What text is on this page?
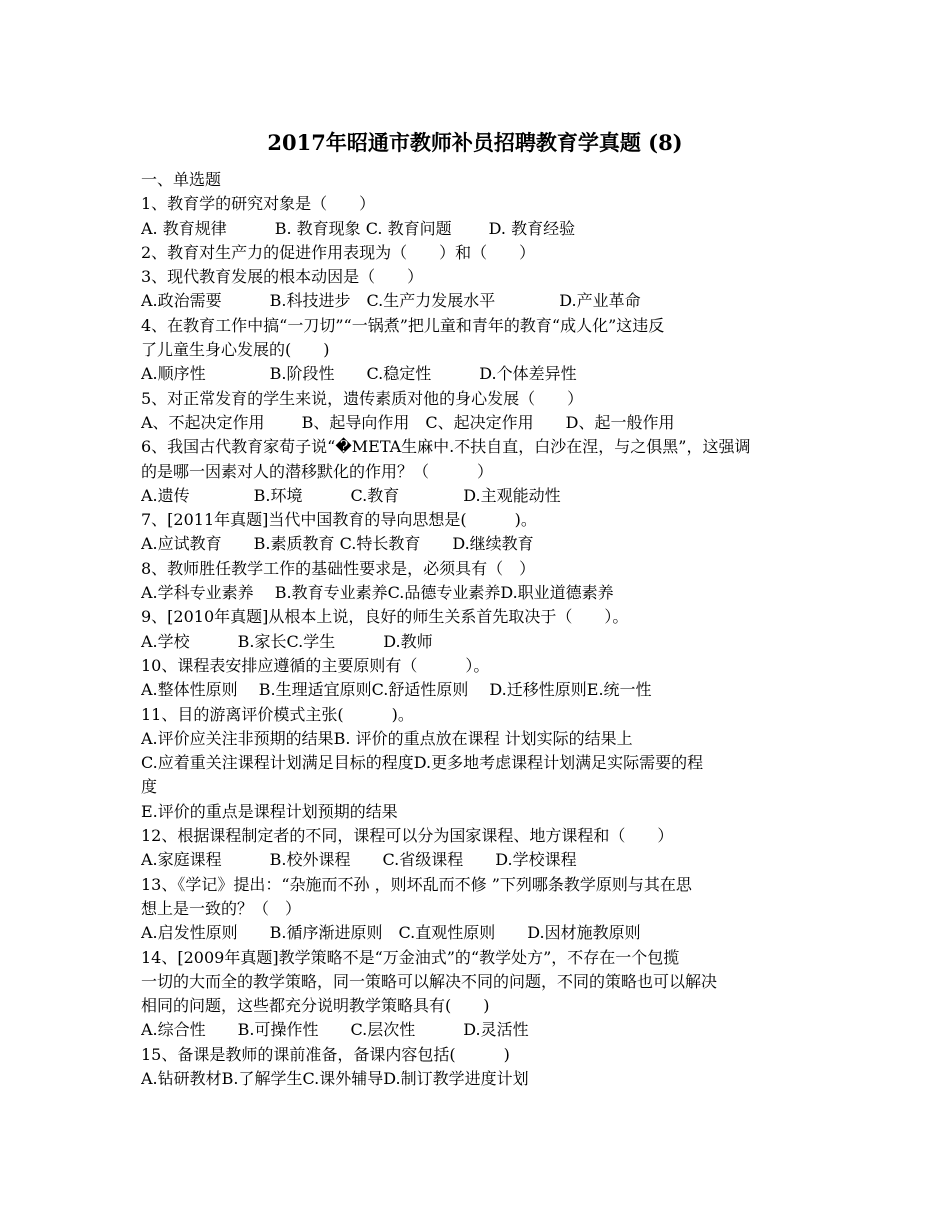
2017年昭通市教师补员招聘教育学真题 (8)
一、单选题
1、教育学的研究对象是（　　）
A. 教育规律　　　B. 教育现象 C. 教育问题　　 D. 教育经验
2、教育对生产力的促进作用表现为（　　）和（　　）
3、现代教育发展的根本动因是（　　）
A.政治需要　　　B.科技进步　C.生产力发展水平　　　　D.产业革命
4、在教育工作中搞“一刀切”“一锅煮”把儿童和青年的教育“成人化”这违反
了儿童生身心发展的(　　)
A.顺序性　　　　B.阶段性　　C.稳定性　　　D.个体差异性
5、对正常发育的学生来说，遗传素质对他的身心发展（　　）
A、不起决定作用　　 B、起导向作用　C、起决定作用　　D、起一般作用
6、我国古代教育家荀子说“�META生麻中.不扶自直，白沙在涅，与之俱黑”，这强调
的是哪一因素对人的潜移默化的作用？（　　　）
A.遗传　　　　B.环境　　　C.教育　　　　D.主观能动性
7、[2011年真题]当代中国教育的导向思想是(　　　)。
A.应试教育　　B.素质教育 C.特长教育　　D.继续教育
8、教师胜任教学工作的基础性要求是，必须具有（　）
A.学科专业素养　 B.教育专业素养C.品德专业素养D.职业道德素养
9、[2010年真题]从根本上说，良好的师生关系首先取决于（　　）。
A.学校　　　B.家长C.学生　　　D.教师
10、课程表安排应遵循的主要原则有（　　　）。
A.整体性原则　 B.生理适宜原则C.舒适性原则　 D.迁移性原则E.统一性
11、目的游离评价模式主张(　　　)。
A.评价应关注非预期的结果B. 评价的重点放在课程 计划实际的结果上
C.应着重关注课程计划满足目标的程度D.更多地考虑课程计划满足实际需要的程
度
E.评价的重点是课程计划预期的结果
12、根据课程制定者的不同，课程可以分为国家课程、地方课程和（　　）
A.家庭课程　　　B.校外课程　　C.省级课程　　D.学校课程
13、《学记》提出：“杂施而不孙 ，则坏乱而不修 ”下列哪条教学原则与其在思
想上是一致的？（　）
A.启发性原则　　B.循序渐进原则　C.直观性原则　　D.因材施教原则
14、[2009年真题]教学策略不是“万金油式”的“教学处方”，不存在一个包揽
一切的大而全的教学策略，同一策略可以解决不同的问题，不同的策略也可以解决
相同的问题，这些都充分说明教学策略具有(　　)
A.综合性　　B.可操作性　　C.层次性　　　D.灵活性
15、备课是教师的课前准备，备课内容包括(　　　)
A.钻研教材B.了解学生C.课外辅导D.制订教学进度计划
